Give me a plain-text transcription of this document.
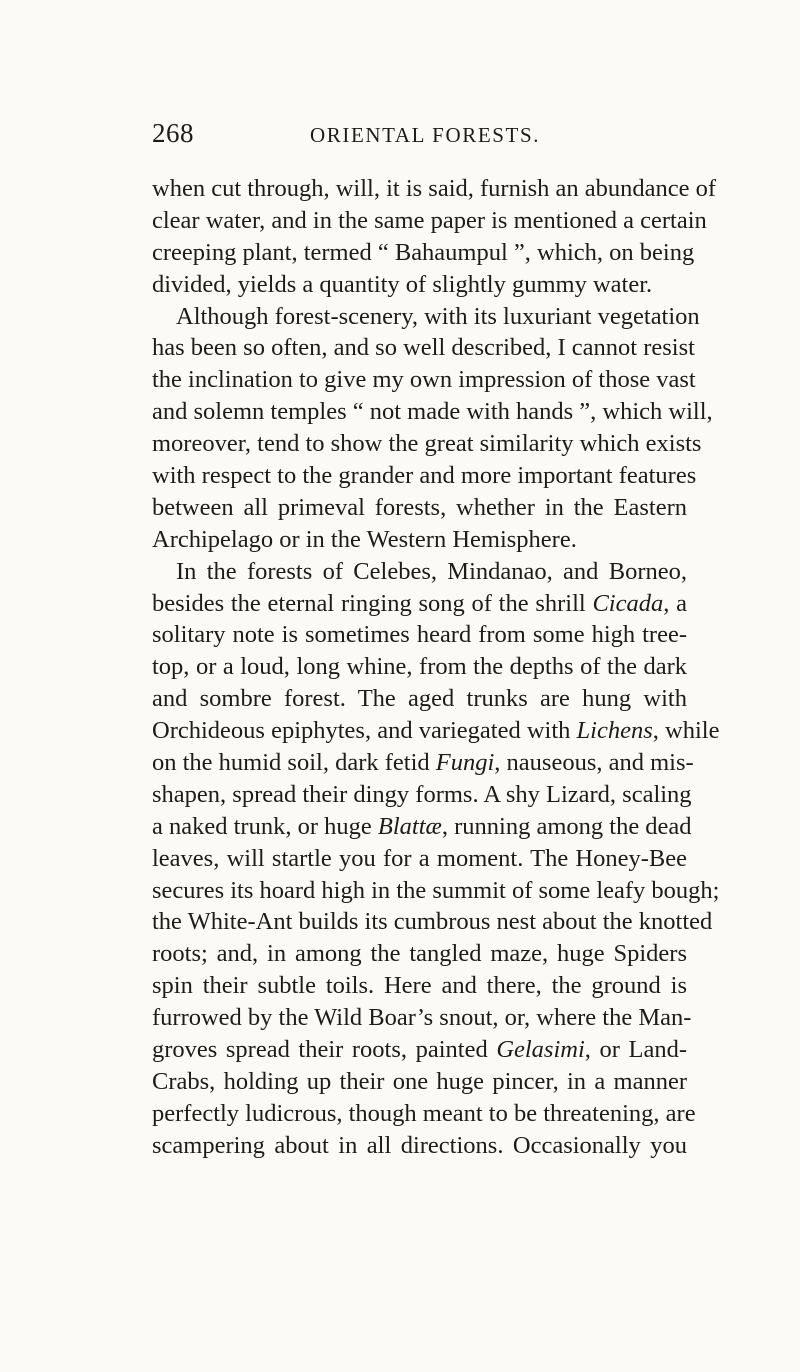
268	ORIENTAL FORESTS.
when cut through, will, it is said, furnish an abundance of
clear water, and in the same paper is mentioned a certain
creeping plant, termed “ Bahaumpul ”, which, on being
divided, yields a quantity of slightly gummy water.
Although forest-scenery, with its luxuriant vegetation
has been so often, and so well described, I cannot resist
the inclination to give my own impression of those vast
and solemn temples “ not made with hands ”, which will,
moreover, tend to show the great similarity which exists
with respect to the grander and more important features
between all primeval forests, whether in the Eastern
Archipelago or in the Western Hemisphere.
In the forests of Celebes, Mindanao, and Borneo,
besides the eternal ringing song of the shrill Cicada, a
solitary note is sometimes heard from some high tree-
top, or a loud, long whine, from the depths of the dark
and sombre forest. The aged trunks are hung with
Orchideous epiphytes, and variegated with Lichens, while
on the humid soil, dark fetid Fungi, nauseous, and mis-
shapen, spread their dingy forms. A shy Lizard, scaling
a naked trunk, or huge Blattæ, running among the dead
leaves, will startle you for a moment. The Honey-Bee
secures its hoard high in the summit of some leafy bough;
the White-Ant builds its cumbrous nest about the knotted
roots; and, in among the tangled maze, huge Spiders
spin their subtle toils. Here and there, the ground is
furrowed by the Wild Boar’s snout, or, where the Man-
groves spread their roots, painted Gelasimi, or Land-
Crabs, holding up their one huge pincer, in a manner
perfectly ludicrous, though meant to be threatening, are
scampering about in all directions. Occasionally you
